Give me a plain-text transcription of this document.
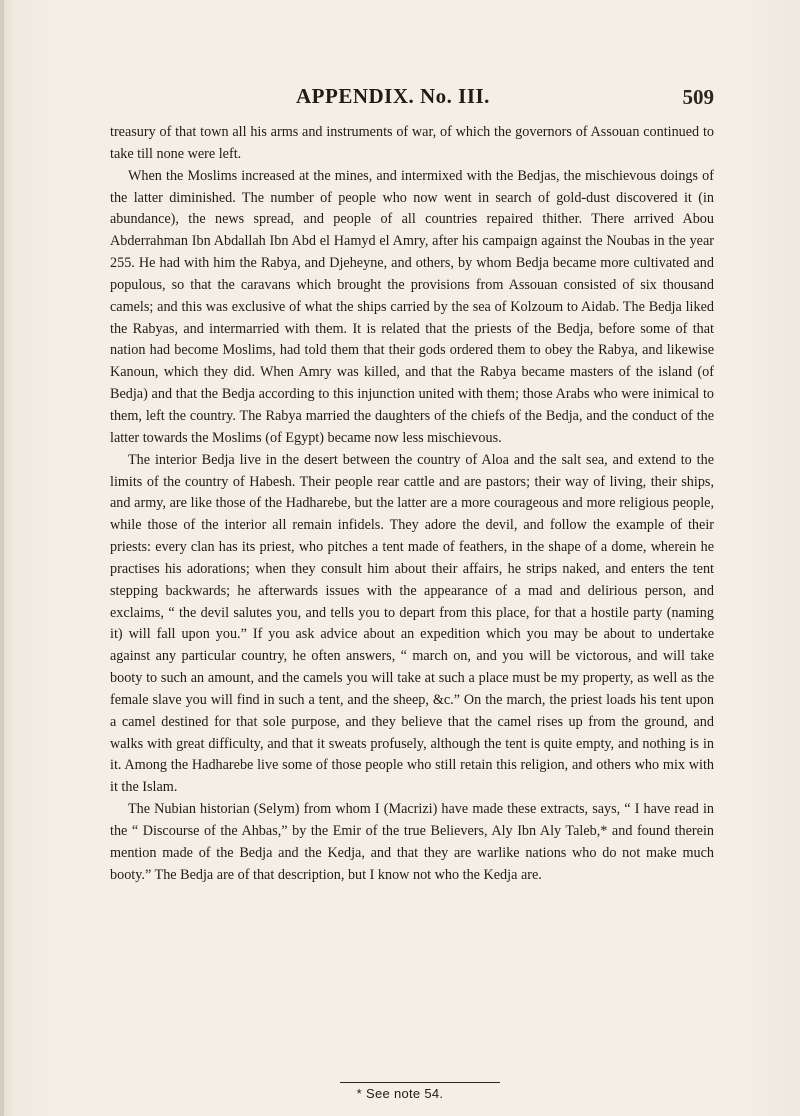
APPENDIX. No. III.	509

treasury of that town all his arms and instruments of war, of which the governors of Assouan continued to take till none were left.

When the Moslims increased at the mines, and intermixed with the Bedjas, the mischievous doings of the latter diminished. The number of people who now went in search of gold-dust discovered it (in abundance), the news spread, and people of all countries repaired thither. There arrived Abou Abderrahman Ibn Abdallah Ibn Abd el Hamyd el Amry, after his campaign against the Noubas in the year 255. He had with him the Rabya, and Djeheyne, and others, by whom Bedja became more cultivated and populous, so that the caravans which brought the provisions from Assouan consisted of six thousand camels; and this was exclusive of what the ships carried by the sea of Kolzoum to Aidab. The Bedja liked the Rabyas, and intermarried with them. It is related that the priests of the Bedja, before some of that nation had become Moslims, had told them that their gods ordered them to obey the Rabya, and likewise Kanoun, which they did. When Amry was killed, and that the Rabya became masters of the island (of Bedja) and that the Bedja according to this injunction united with them; those Arabs who were inimical to them, left the country. The Rabya married the daughters of the chiefs of the Bedja, and the conduct of the latter towards the Moslims (of Egypt) became now less mischievous.

The interior Bedja live in the desert between the country of Aloa and the salt sea, and extend to the limits of the country of Habesh. Their people rear cattle and are pastors; their way of living, their ships, and army, are like those of the Hadharebe, but the latter are a more courageous and more religious people, while those of the interior all remain infidels. They adore the devil, and follow the example of their priests: every clan has its priest, who pitches a tent made of feathers, in the shape of a dome, wherein he practises his adorations; when they consult him about their affairs, he strips naked, and enters the tent stepping backwards; he afterwards issues with the appearance of a mad and delirious person, and exclaims, “ the devil salutes you, and tells you to depart from this place, for that a hostile party (naming it) will fall upon you.” If you ask advice about an expedition which you may be about to undertake against any particular country, he often answers, “ march on, and you will be victorous, and will take booty to such an amount, and the camels you will take at such a place must be my property, as well as the female slave you will find in such a tent, and the sheep, &c.” On the march, the priest loads his tent upon a camel destined for that sole purpose, and they believe that the camel rises up from the ground, and walks with great difficulty, and that it sweats profusely, although the tent is quite empty, and nothing is in it. Among the Hadharebe live some of those people who still retain this religion, and others who mix with it the Islam.

The Nubian historian (Selym) from whom I (Macrizi) have made these extracts, says, “ I have read in the “ Discourse of the Ahbas,” by the Emir of the true Believers, Aly Ibn Aly Taleb,* and found therein mention made of the Bedja and the Kedja, and that they are warlike nations who do not make much booty.” The Bedja are of that description, but I know not who the Kedja are.

* See note 54.
